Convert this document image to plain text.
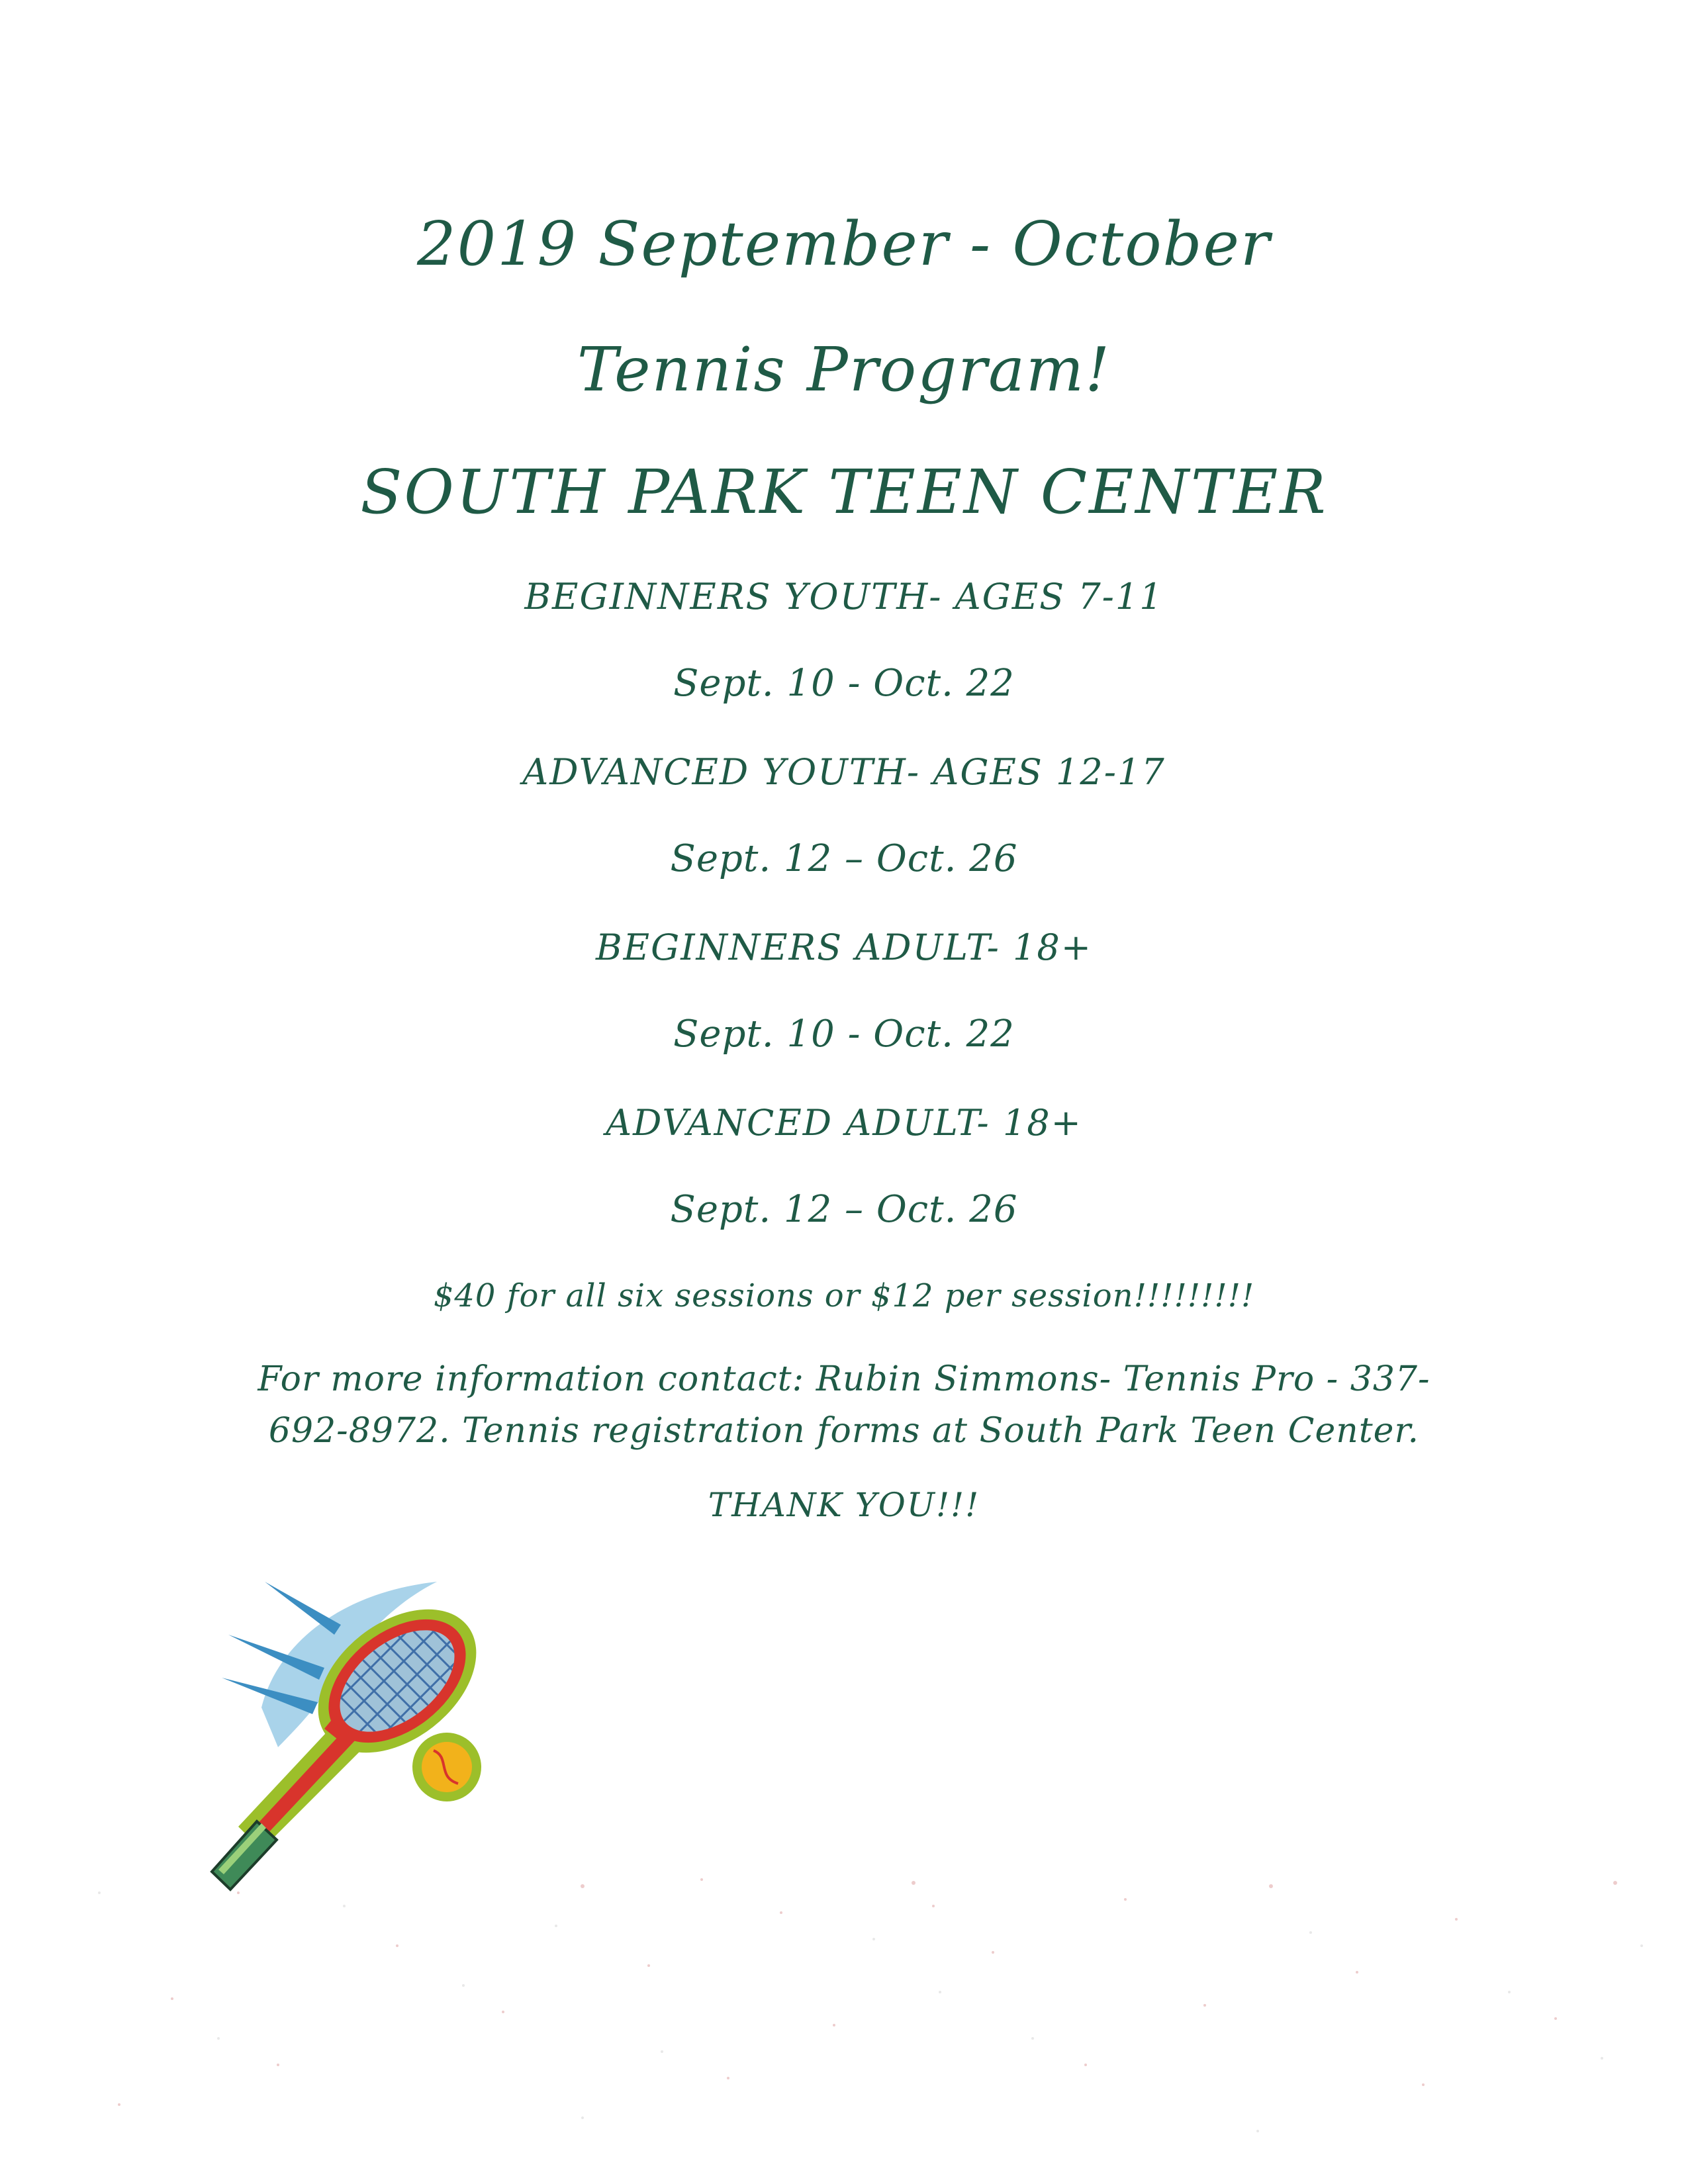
2019 September - October
Tennis Program!
SOUTH PARK TEEN CENTER
BEGINNERS YOUTH- AGES 7-11
Sept. 10 - Oct. 22
ADVANCED YOUTH- AGES 12-17
Sept. 12 – Oct. 26
BEGINNERS ADULT- 18+
Sept. 10 - Oct. 22
ADVANCED ADULT- 18+
Sept. 12 – Oct. 26
$40 for all six sessions or $12 per session!!!!!!!!!
For more information contact: Rubin Simmons- Tennis Pro - 337-692-8972. Tennis registration forms at South Park Teen Center.
THANK YOU!!!
